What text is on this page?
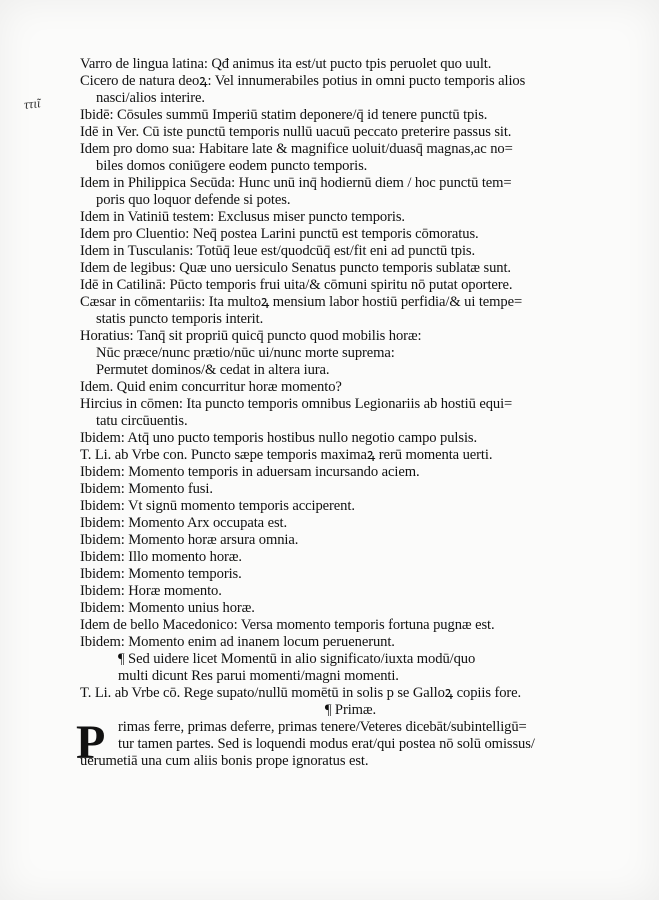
ττιῖ
Varro de lingua latina: Qđ animus ita est/ut pucto tpis peruolet quo uult.
Cicero de natura deoꝝ: Vel innumerabiles potius in omni pucto temporis alios
nasci/alios interire.
Ibidē: Cōsules summū Imperiū statim deponere/q̄ id tenere punctū tpis.
Idē in Ver. Cū iste punctū temporis nullū uacuū peccato preterire passus sit.
Idem pro domo sua: Habitare late & magnifice uoluit/duasq̄ magnas,ac no=
biles domos coniūgere eodem puncto temporis.
Idem in Philippica Secūda: Hunc unū inq̄ hodiernū diem / hoc punctū tem=
poris quo loquor defende si potes.
Idem in Vatiniū testem: Exclusus miser puncto temporis.
Idem pro Cluentio: Neq̄ postea Larini punctū est temporis cōmoratus.
Idem in Tusculanis: Totūq̄ leue est/quodcūq̄ est/fit eni ad punctū tpis.
Idem de legibus: Quæ uno uersiculo Senatus puncto temporis sublatæ sunt.
Idē in Catilinā: Pūcto temporis frui uita/& cōmuni spiritu nō putat oportere.
Cæsar in cōmentariis: Ita multoꝝ mensium labor hostiū perfidia/& ui tempe=
statis puncto temporis interit.
Horatius: Tanq̄ sit propriū quicq̄ puncto quod mobilis horæ:
Nūc præce/nunc prætio/nūc ui/nunc morte suprema:
Permutet dominos/& cedat in altera iura.
Idem. Quid enim concurritur horæ momento?
Hircius in cōmen: Ita puncto temporis omnibus Legionariis ab hostiū equi=
tatu circūuentis.
Ibidem: Atq̄ uno pucto temporis hostibus nullo negotio campo pulsis.
T. Li. ab Vrbe con. Puncto sæpe temporis maximaꝝ rerū momenta uerti.
Ibidem: Momento temporis in aduersam incursando aciem.
Ibidem: Momento fusi.
Ibidem: Vt signū momento temporis acciperent.
Ibidem: Momento Arx occupata est.
Ibidem: Momento horæ arsura omnia.
Ibidem: Illo momento horæ.
Ibidem: Momento temporis.
Ibidem: Horæ momento.
Ibidem: Momento unius horæ.
Idem de bello Macedonico: Versa momento temporis fortuna pugnæ est.
Ibidem: Momento enim ad inanem locum peruenerunt.
¶ Sed uidere licet Momentū in alio significato/iuxta modū/quo
multi dicunt Res parui momenti/magni momenti.
T. Li. ab Vrbe cō. Rege supato/nullū momētū in solis p se Galloꝝ copiis fore.
¶ Primæ.
P rimas ferre, primas deferre, primas tenere/Veteres dicebāt/subintelligū=
tur tamen partes. Sed is loquendi modus erat/qui postea nō solū omissus/
uerumetiā una cum aliis bonis prope ignoratus est.
